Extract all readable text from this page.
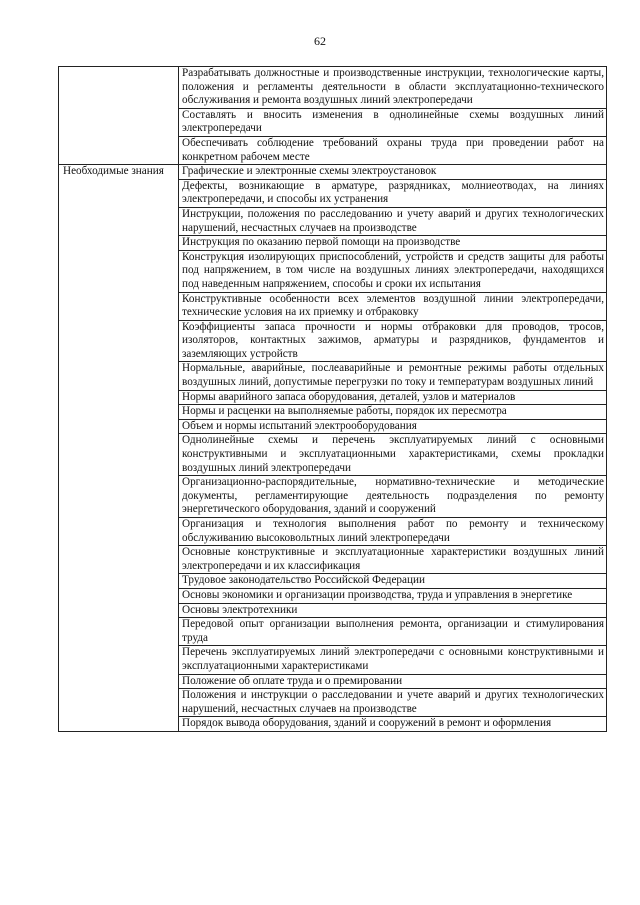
62
	Разрабатывать должностные и производственные инструкции, технологические карты, положения и регламенты деятельности в области эксплуатационно-технического обслуживания и ремонта воздушных линий электропередачи
	Составлять и вносить изменения в однолинейные схемы воздушных линий электропередачи
	Обеспечивать соблюдение требований охраны труда при проведении работ на конкретном рабочем месте
Необходимые знания	Графические и электронные схемы электроустановок
	Дефекты, возникающие в арматуре, разрядниках, молниеотводах, на линиях электропередачи, и способы их устранения
	Инструкции, положения по расследованию и учету аварий и других технологических нарушений, несчастных случаев на производстве
	Инструкция по оказанию первой помощи на производстве
	Конструкция изолирующих приспособлений, устройств и средств защиты для работы под напряжением, в том числе на воздушных линиях электропередачи, находящихся под наведенным напряжением, способы и сроки их испытания
	Конструктивные особенности всех элементов воздушной линии электропередачи, технические условия на их приемку и отбраковку
	Коэффициенты запаса прочности и нормы отбраковки для проводов, тросов, изоляторов, контактных зажимов, арматуры и разрядников, фундаментов и заземляющих устройств
	Нормальные, аварийные, послеаварийные и ремонтные режимы работы отдельных воздушных линий, допустимые перегрузки по току и температурам воздушных линий
	Нормы аварийного запаса оборудования, деталей, узлов и материалов
	Нормы и расценки на выполняемые работы, порядок их пересмотра
	Объем и нормы испытаний электрооборудования
	Однолинейные схемы и перечень эксплуатируемых линий с основными конструктивными и эксплуатационными характеристиками, схемы прокладки воздушных линий электропередачи
	Организационно-распорядительные, нормативно-технические и методические документы, регламентирующие деятельность подразделения по ремонту энергетического оборудования, зданий и сооружений
	Организация и технология выполнения работ по ремонту и техническому обслуживанию высоковольтных линий электропередачи
	Основные конструктивные и эксплуатационные характеристики воздушных линий электропередачи и их классификация
	Трудовое законодательство Российской Федерации
	Основы экономики и организации производства, труда и управления в энергетике
	Основы электротехники
	Передовой опыт организации выполнения ремонта, организации и стимулирования труда
	Перечень эксплуатируемых линий электропередачи с основными конструктивными и эксплуатационными характеристиками
	Положение об оплате труда и о премировании
	Положения и инструкции о расследовании и учете аварий и других технологических нарушений, несчастных случаев на производстве
	Порядок вывода оборудования, зданий и сооружений в ремонт и оформления
